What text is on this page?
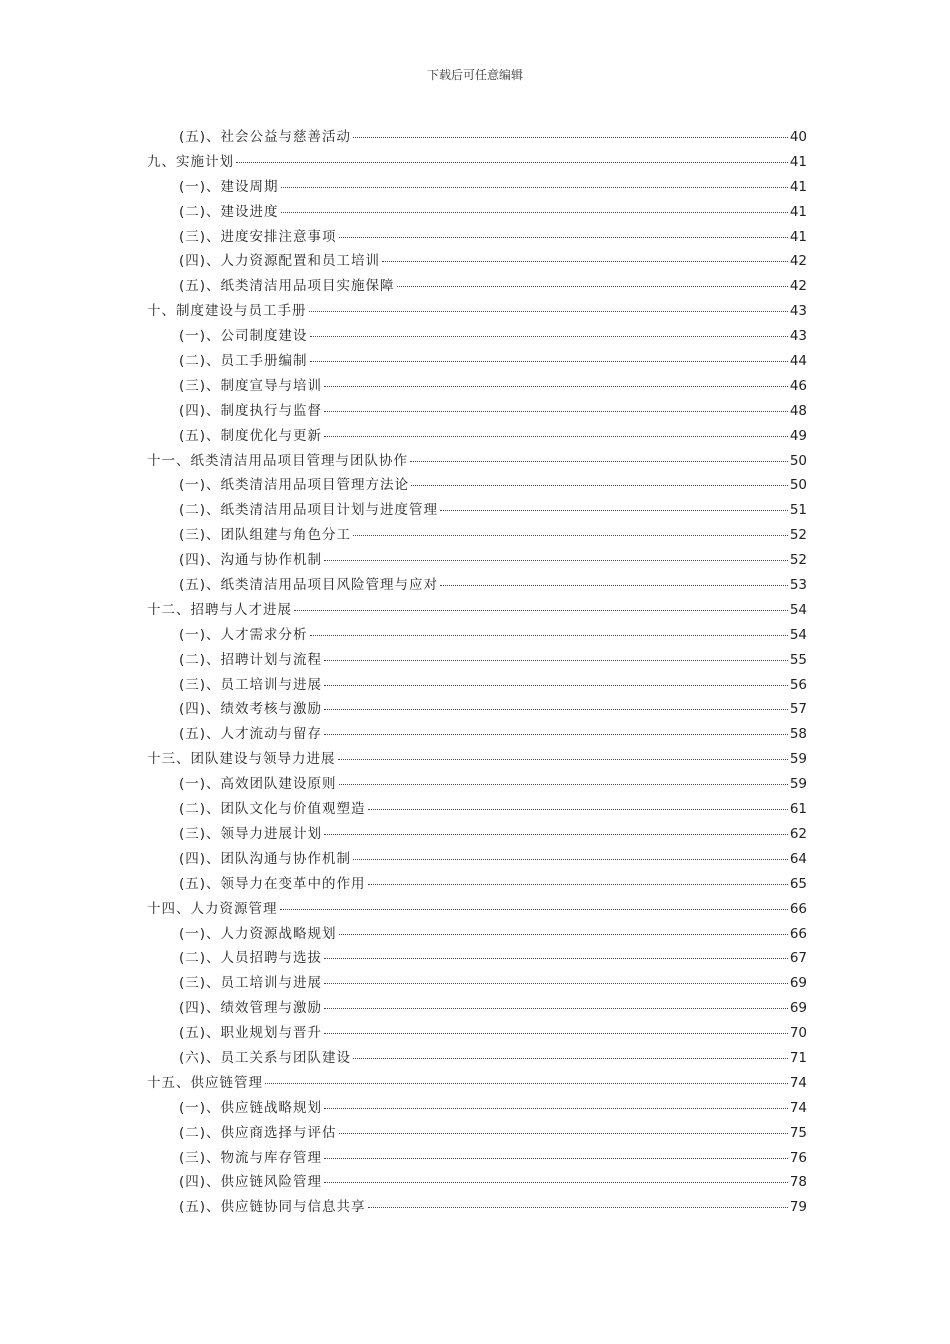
下载后可任意编辑
(五)、社会公益与慈善活动	40
九、实施计划	41
(一)、建设周期	41
(二)、建设进度	41
(三)、进度安排注意事项	41
(四)、人力资源配置和员工培训	42
(五)、纸类清洁用品项目实施保障	42
十、制度建设与员工手册	43
(一)、公司制度建设	43
(二)、员工手册编制	44
(三)、制度宣导与培训	46
(四)、制度执行与监督	48
(五)、制度优化与更新	49
十一、纸类清洁用品项目管理与团队协作	50
(一)、纸类清洁用品项目管理方法论	50
(二)、纸类清洁用品项目计划与进度管理	51
(三)、团队组建与角色分工	52
(四)、沟通与协作机制	52
(五)、纸类清洁用品项目风险管理与应对	53
十二、招聘与人才进展	54
(一)、人才需求分析	54
(二)、招聘计划与流程	55
(三)、员工培训与进展	56
(四)、绩效考核与激励	57
(五)、人才流动与留存	58
十三、团队建设与领导力进展	59
(一)、高效团队建设原则	59
(二)、团队文化与价值观塑造	61
(三)、领导力进展计划	62
(四)、团队沟通与协作机制	64
(五)、领导力在变革中的作用	65
十四、人力资源管理	66
(一)、人力资源战略规划	66
(二)、人员招聘与选拔	67
(三)、员工培训与进展	69
(四)、绩效管理与激励	69
(五)、职业规划与晋升	70
(六)、员工关系与团队建设	71
十五、供应链管理	74
(一)、供应链战略规划	74
(二)、供应商选择与评估	75
(三)、物流与库存管理	76
(四)、供应链风险管理	78
(五)、供应链协同与信息共享	79
